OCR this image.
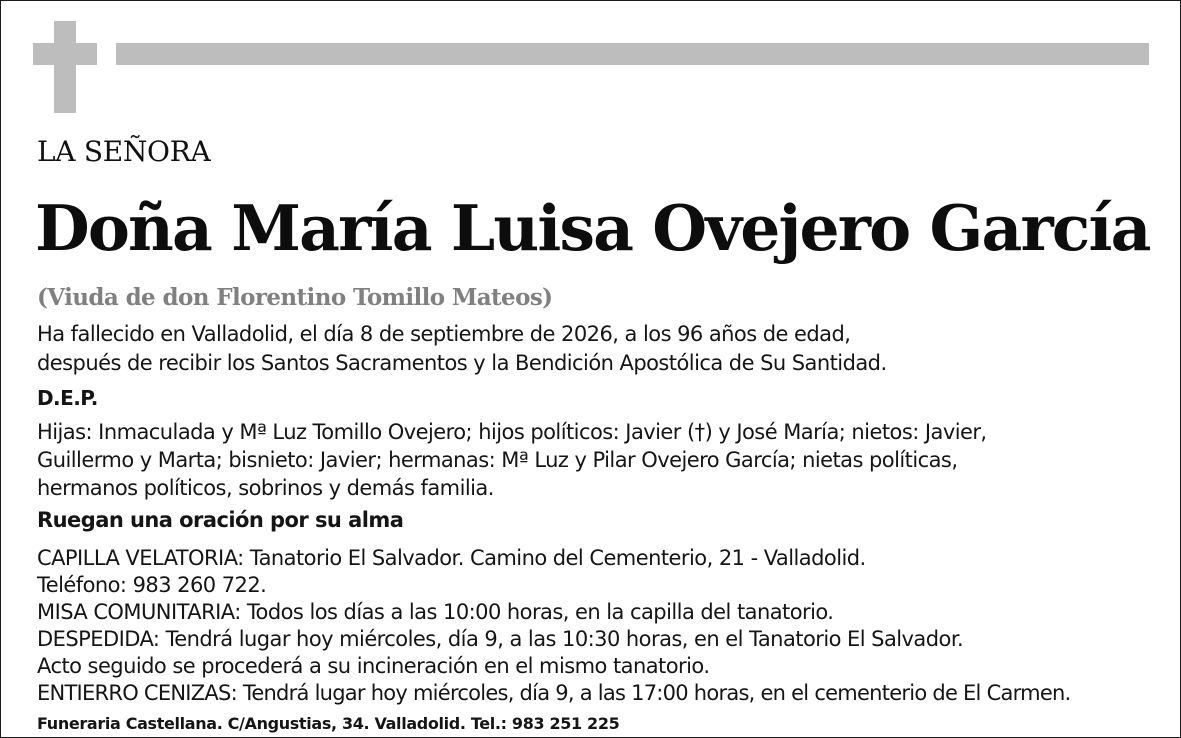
LA SEÑORA
Doña María Luisa Ovejero García
(Viuda de don Florentino Tomillo Mateos)
Ha fallecido en Valladolid, el día 8 de septiembre de 2026, a los 96 años de edad,
después de recibir los Santos Sacramentos y la Bendición Apostólica de Su Santidad.
D.E.P.
Hijas: Inmaculada y Mª Luz Tomillo Ovejero; hijos políticos: Javier (†) y José María; nietos: Javier,
Guillermo y Marta; bisnieto: Javier; hermanas: Mª Luz y Pilar Ovejero García; nietas políticas,
hermanos políticos, sobrinos y demás familia.
Ruegan una oración por su alma
CAPILLA VELATORIA: Tanatorio El Salvador. Camino del Cementerio, 21 - Valladolid.
Teléfono: 983 260 722.
MISA COMUNITARIA: Todos los días a las 10:00 horas, en la capilla del tanatorio.
DESPEDIDA: Tendrá lugar hoy miércoles, día 9, a las 10:30 horas, en el Tanatorio El Salvador.
Acto seguido se procederá a su incineración en el mismo tanatorio.
ENTIERRO CENIZAS: Tendrá lugar hoy miércoles, día 9, a las 17:00 horas, en el cementerio de El Carmen.
Funeraria Castellana. C/Angustias, 34. Valladolid. Tel.: 983 251 225
